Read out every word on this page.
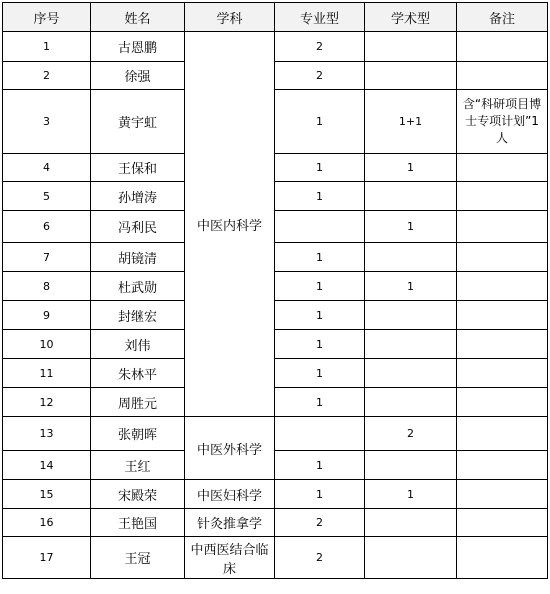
序号	姓名	学科	专业型	学术型	备注
1	古恩鹏	中医内科学	2		
2	徐强		2		
3	黄宇虹		1	1+1	含“科研项目博士专项计划”1人
4	王保和		1	1	
5	孙增涛		1		
6	冯利民			1	
7	胡镜清		1		
8	杜武勋		1	1	
9	封继宏		1		
10	刘伟		1		
11	朱林平		1		
12	周胜元		1		
13	张朝晖	中医外科学		2	
14	王红		1		
15	宋殿荣	中医妇科学	1	1	
16	王艳国	针灸推拿学	2		
17	王冠	中西医结合临床	2		
